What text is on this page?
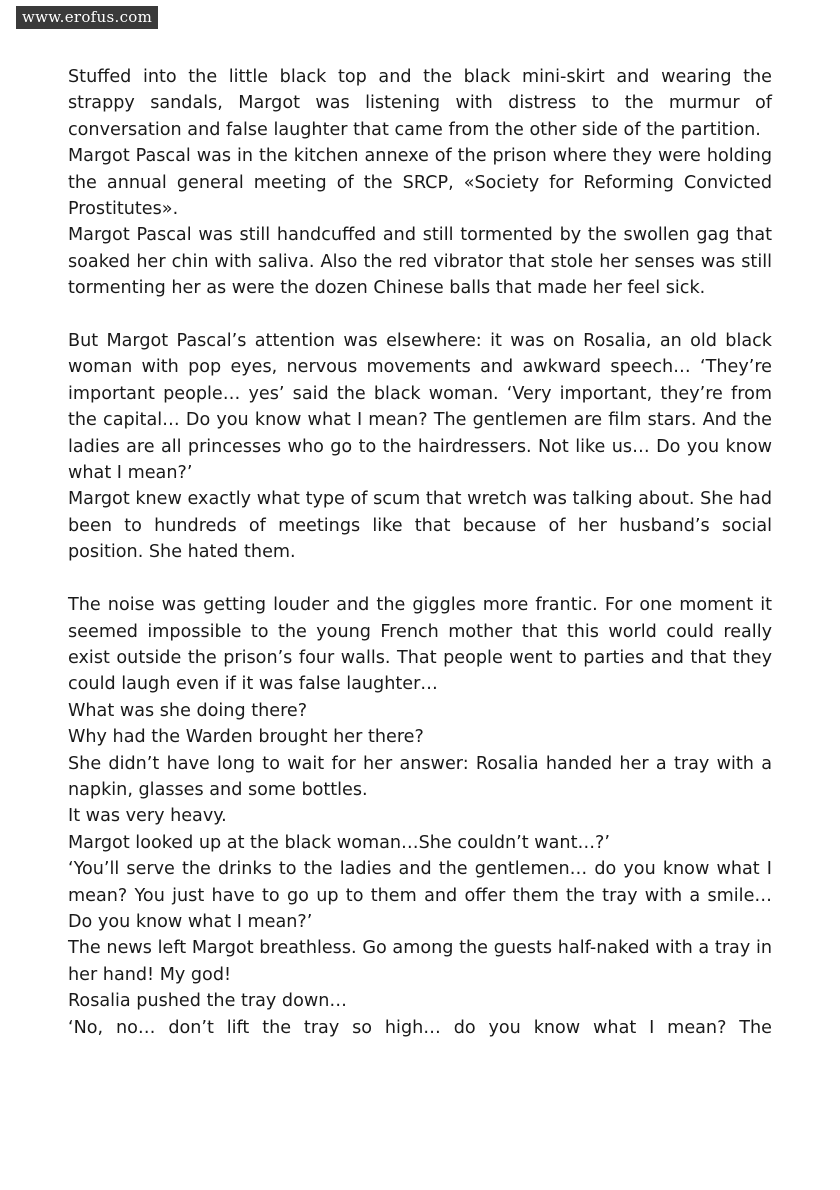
www.erofus.com

Stuffed into the little black top and the black mini-skirt and wearing the strappy sandals, Margot was listening with distress to the murmur of conversation and false laughter that came from the other side of the partition.

Margot Pascal was in the kitchen annexe of the prison where they were holding the annual general meeting of the SRCP, «Society for Reforming Convicted Prostitutes».

Margot Pascal was still handcuffed and still tormented by the swollen gag that soaked her chin with saliva. Also the red vibrator that stole her senses was still tormenting her as were the dozen Chinese balls that made her feel sick.

But Margot Pascal’s attention was elsewhere: it was on Rosalia, an old black woman with pop eyes, nervous movements and awkward speech… ‘They’re important people… yes’ said the black woman. ‘Very important, they’re from the capital… Do you know what I mean? The gentlemen are film stars. And the ladies are all princesses who go to the hairdressers. Not like us… Do you know what I mean?’

Margot knew exactly what type of scum that wretch was talking about. She had been to hundreds of meetings like that because of her husband’s social position. She hated them.

The noise was getting louder and the giggles more frantic. For one moment it seemed impossible to the young French mother that this world could really exist outside the prison’s four walls. That people went to parties and that they could laugh even if it was false laughter…

What was she doing there?

Why had the Warden brought her there?

She didn’t have long to wait for her answer: Rosalia handed her a tray with a napkin, glasses and some bottles.

It was very heavy.

Margot looked up at the black woman…She couldn’t want…?’

‘You’ll serve the drinks to the ladies and the gentlemen… do you know what I mean? You just have to go up to them and offer them the tray with a smile… Do you know what I mean?’

The news left Margot breathless. Go among the guests half-naked with a tray in her hand! My god!

Rosalia pushed the tray down…

‘No, no… don’t lift the tray so high… do you know what I mean? The
